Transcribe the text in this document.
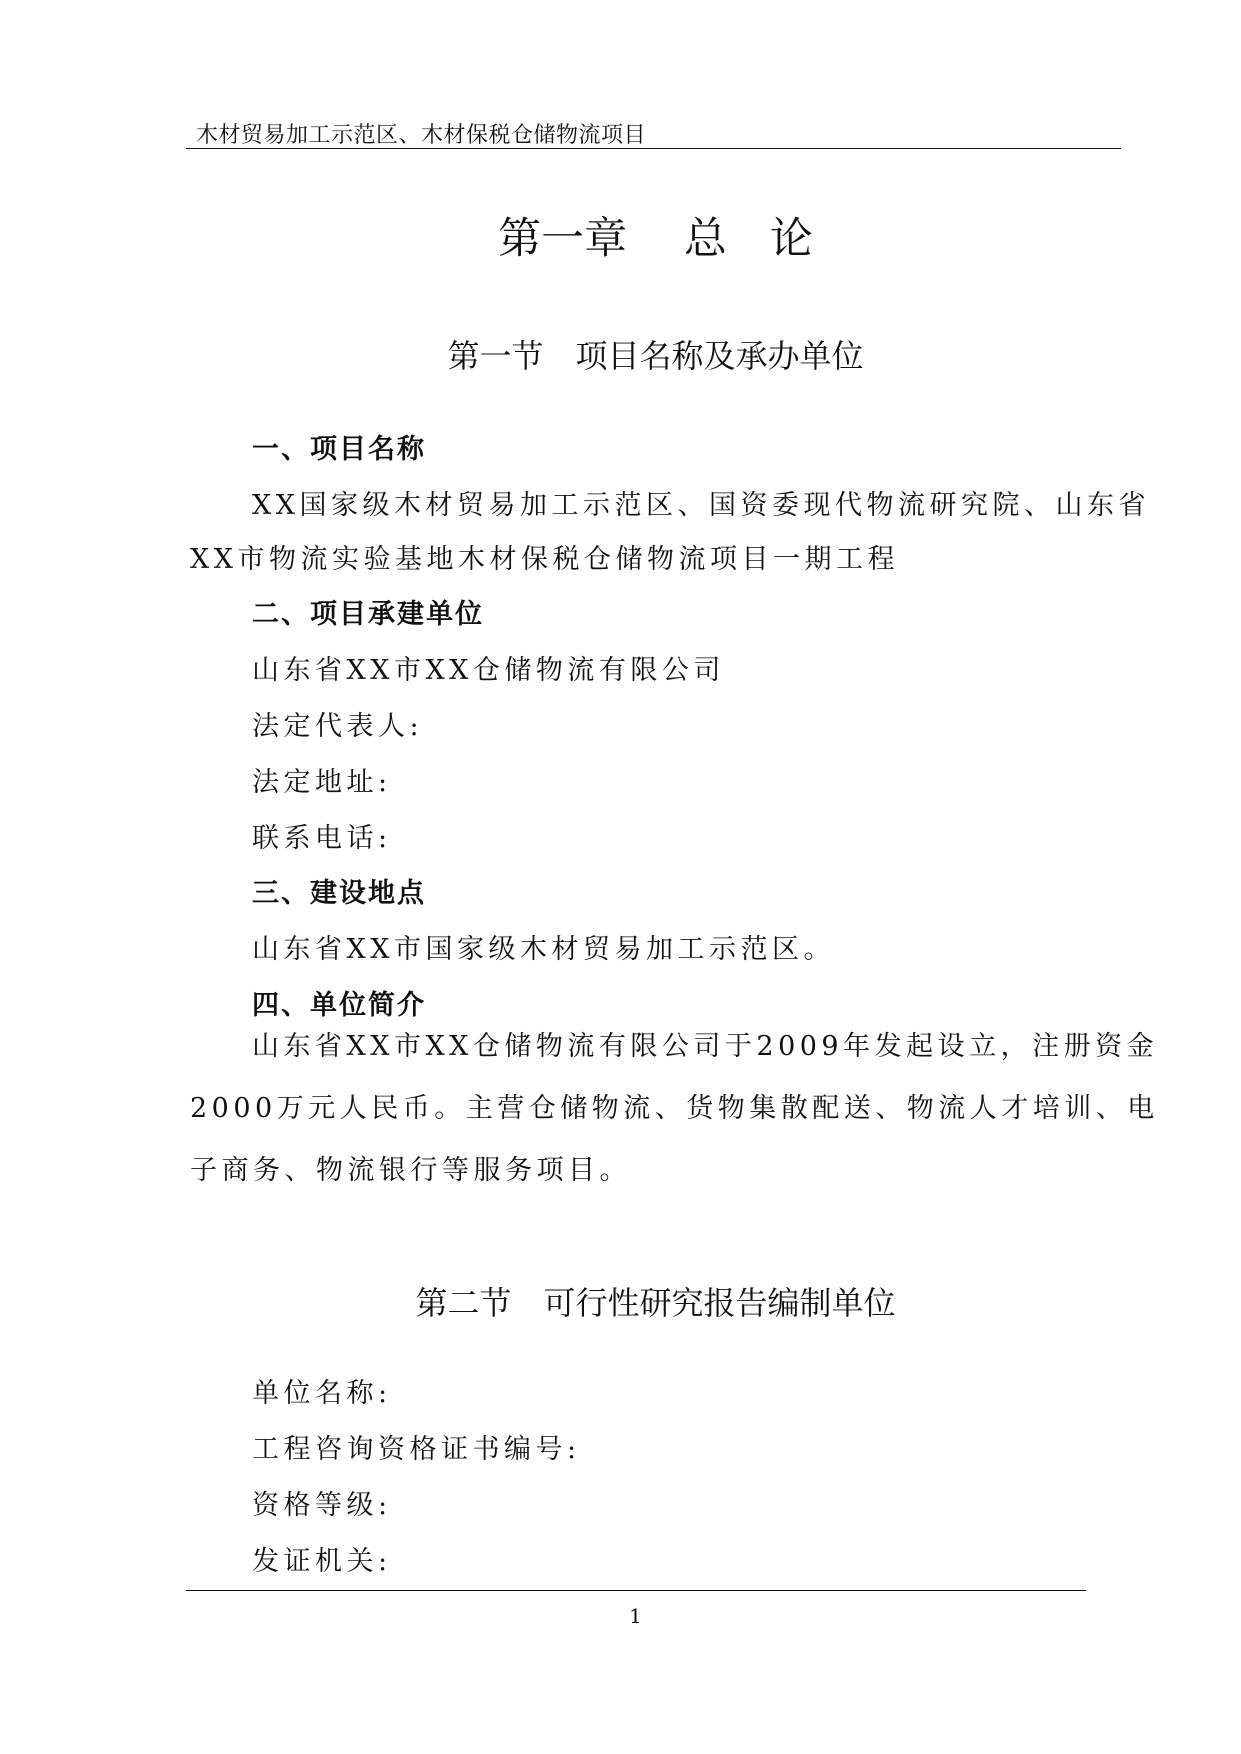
木材贸易加工示范区、木材保税仓储物流项目
第一章　 总　论
第一节　项目名称及承办单位
一、项目名称
XX国家级木材贸易加工示范区、国资委现代物流研究院、山东省
XX市物流实验基地木材保税仓储物流项目一期工程
二、项目承建单位
山东省XX市XX仓储物流有限公司
法定代表人:
法定地址:
联系电话:
三、建设地点
山东省XX市国家级木材贸易加工示范区。
四、单位简介
山东省XX市XX仓储物流有限公司于2009年发起设立，注册资金
2000万元人民币。主营仓储物流、货物集散配送、物流人才培训、电
子商务、物流银行等服务项目。
第二节　可行性研究报告编制单位
单位名称:
工程咨询资格证书编号:
资格等级:
发证机关:
1
